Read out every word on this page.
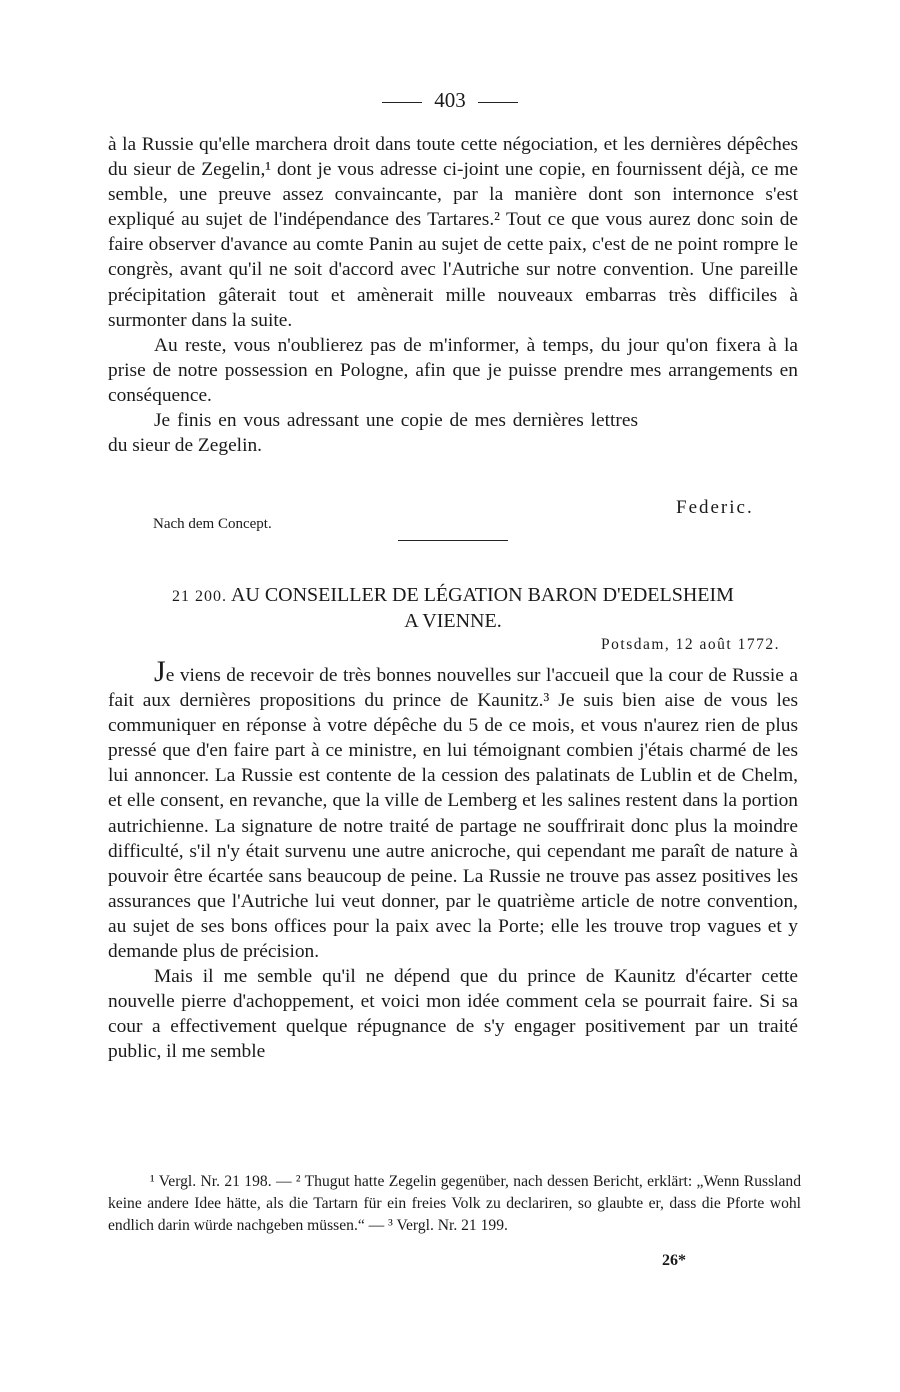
403

à la Russie qu'elle marchera droit dans toute cette négociation, et les dernières dépêches du sieur de Zegelin,¹ dont je vous adresse ci-joint une copie, en fournissent déjà, ce me semble, une preuve assez convaincante, par la manière dont son internonce s'est expliqué au sujet de l'indépendance des Tartares.² Tout ce que vous aurez donc soin de faire observer d'avance au comte Panin au sujet de cette paix, c'est de ne point rompre le congrès, avant qu'il ne soit d'accord avec l'Autriche sur notre convention. Une pareille précipitation gâterait tout et amènerait mille nouveaux embarras très difficiles à surmonter dans la suite.

Au reste, vous n'oublierez pas de m'informer, à temps, du jour qu'on fixera à la prise de notre possession en Pologne, afin que je puisse prendre mes arrangements en conséquence.

Je finis en vous adressant une copie de mes dernières lettres du sieur de Zegelin.

Federic.
Nach dem Concept.
21 200. AU CONSEILLER DE LÉGATION BARON D'EDELSHEIM
A VIENNE.
Potsdam, 12 août 1772.

Je viens de recevoir de très bonnes nouvelles sur l'accueil que la cour de Russie a fait aux dernières propositions du prince de Kaunitz.³ Je suis bien aise de vous les communiquer en réponse à votre dépêche du 5 de ce mois, et vous n'aurez rien de plus pressé que d'en faire part à ce ministre, en lui témoignant combien j'étais charmé de les lui annoncer. La Russie est contente de la cession des palatinats de Lublin et de Chelm, et elle consent, en revanche, que la ville de Lemberg et les salines restent dans la portion autrichienne. La signature de notre traité de partage ne souffrirait donc plus la moindre difficulté, s'il n'y était survenu une autre anicroche, qui cependant me paraît de nature à pouvoir être écartée sans beaucoup de peine. La Russie ne trouve pas assez positives les assurances que l'Autriche lui veut donner, par le quatrième article de notre convention, au sujet de ses bons offices pour la paix avec la Porte; elle les trouve trop vagues et y demande plus de précision.

Mais il me semble qu'il ne dépend que du prince de Kaunitz d'écarter cette nouvelle pierre d'achoppement, et voici mon idée comment cela se pourrait faire. Si sa cour a effectivement quelque répugnance de s'y engager positivement par un traité public, il me semble

¹ Vergl. Nr. 21 198. — ² Thugut hatte Zegelin gegenüber, nach dessen Bericht, erklärt: „Wenn Russland keine andere Idee hätte, als die Tartarn für ein freies Volk zu declariren, so glaubte er, dass die Pforte wohl endlich darin würde nachgeben müssen.“ — ³ Vergl. Nr. 21 199.

26*
